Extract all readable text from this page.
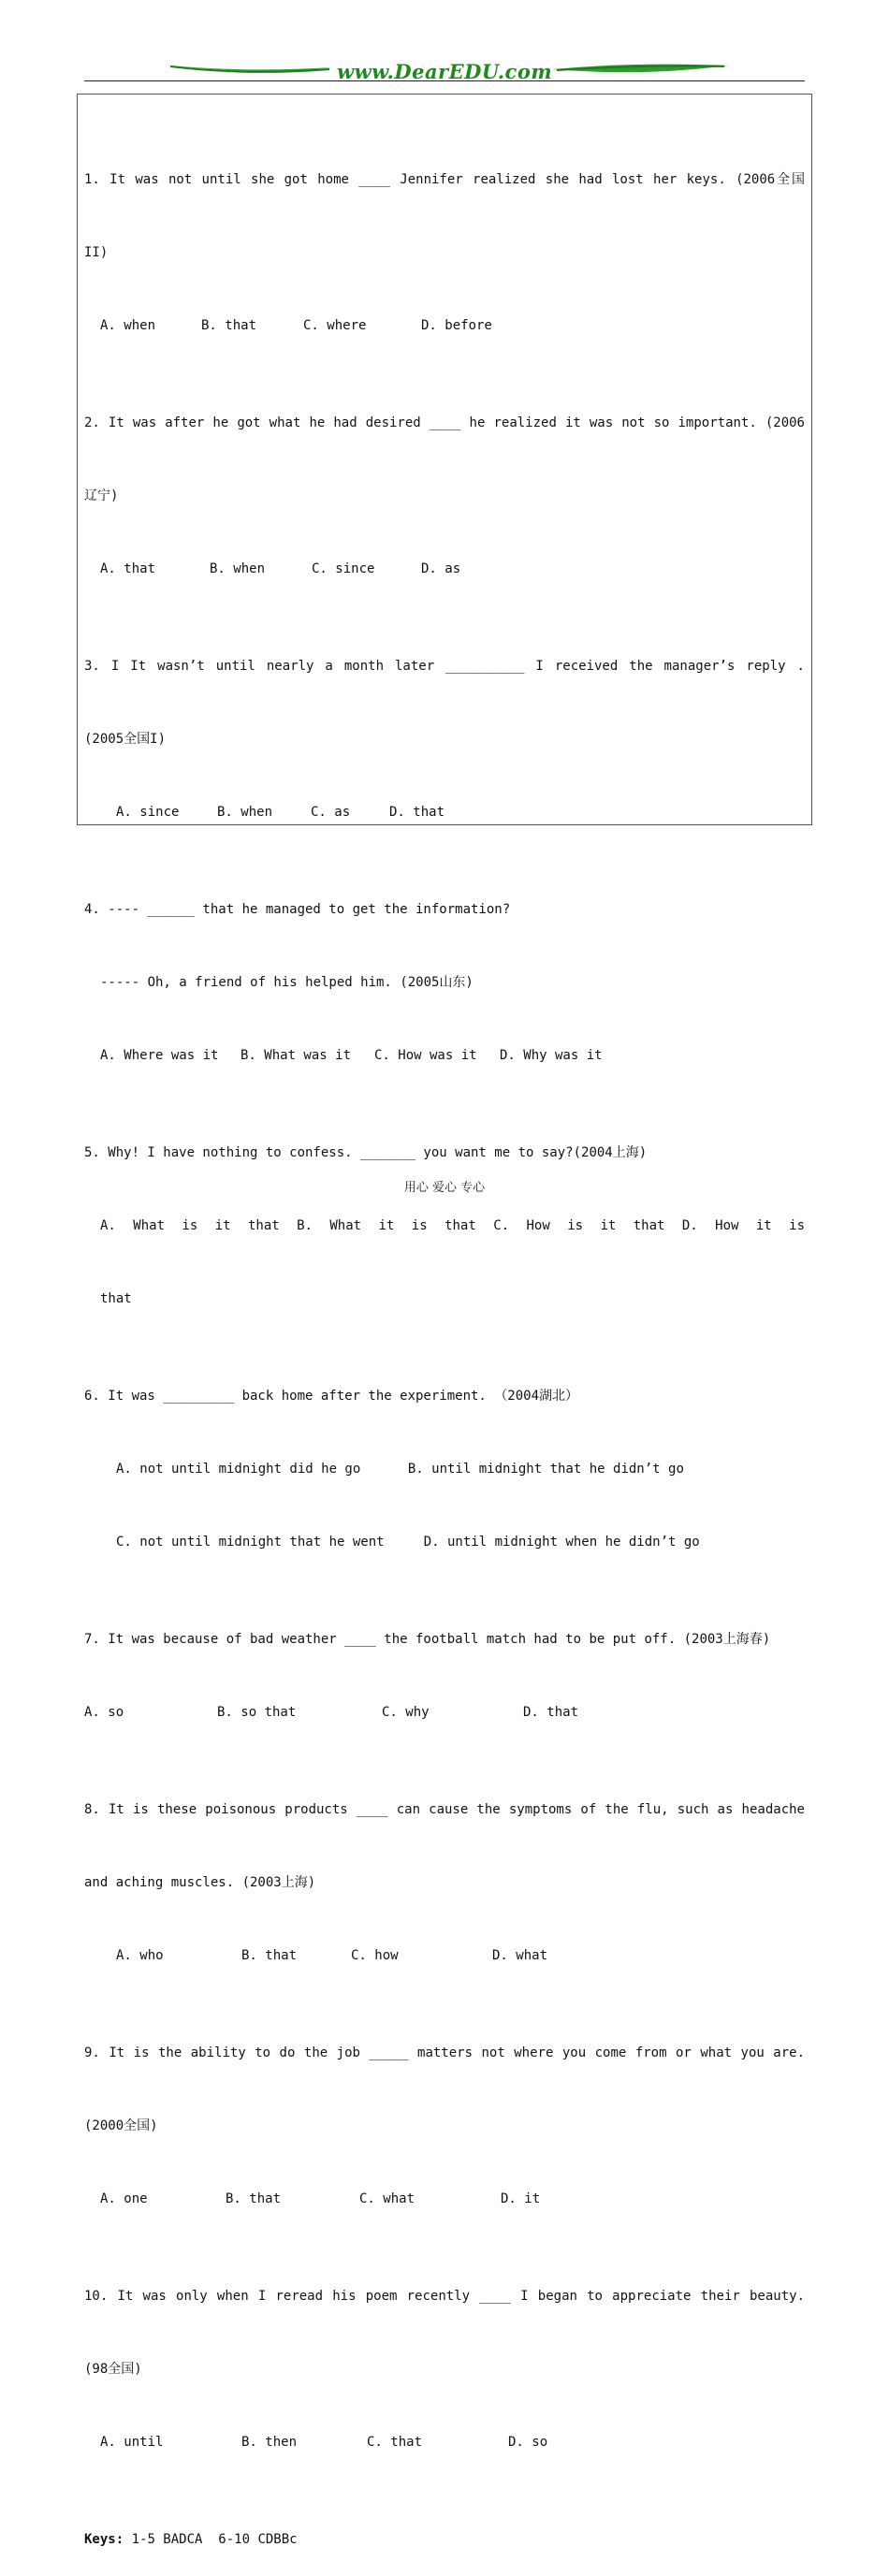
www.DearEDU.com

1. It was not until she got home ____ Jennifer realized she had lost her keys. (2006全国

II)

A. when	B. that	C. where	D. before

2. It was after he got what he had desired ____ he realized it was not so important. (2006

辽宁)

A. that	B. when	C. since	D. as

3. I It wasn’t until nearly a month later __________ I received the manager’s reply .

(2005全国I)

A. since	B. when	C. as	D. that

4. ---- ______ that he managed to get the information?

----- Oh, a friend of his helped him. (2005山东)

A. Where was it B. What was it C. How was it D. Why was it

5. Why! I have nothing to confess. _______ you want me to say?(2004上海)

A. What is it that B. What it is that C. How is it that D. How it is

that

6. It was _________ back home after the experiment. （2004湖北）

A. not until midnight did he go      B. until midnight that he didn’t go

C. not until midnight that he went     D. until midnight when he didn’t go

7. It was because of bad weather ____ the football match had to be put off. (2003上海春)

A. so	B. so that	C. why	D. that

8. It is these poisonous products ____ can cause the symptoms of the flu, such as headache

and aching muscles. (2003上海)

A. who	B. that	C. how	D. what

9. It is the ability to do the job _____ matters not where you come from or what you are.

(2000全国)

A. one	B. that	C. what	D. it

10. It was only when I reread his poem recently ____ I began to appreciate their beauty.

(98全国)

A. until	B. then	C. that	D. so

Keys: 1-5 BADCA  6-10 CDBBc

用心 爱心 专心
